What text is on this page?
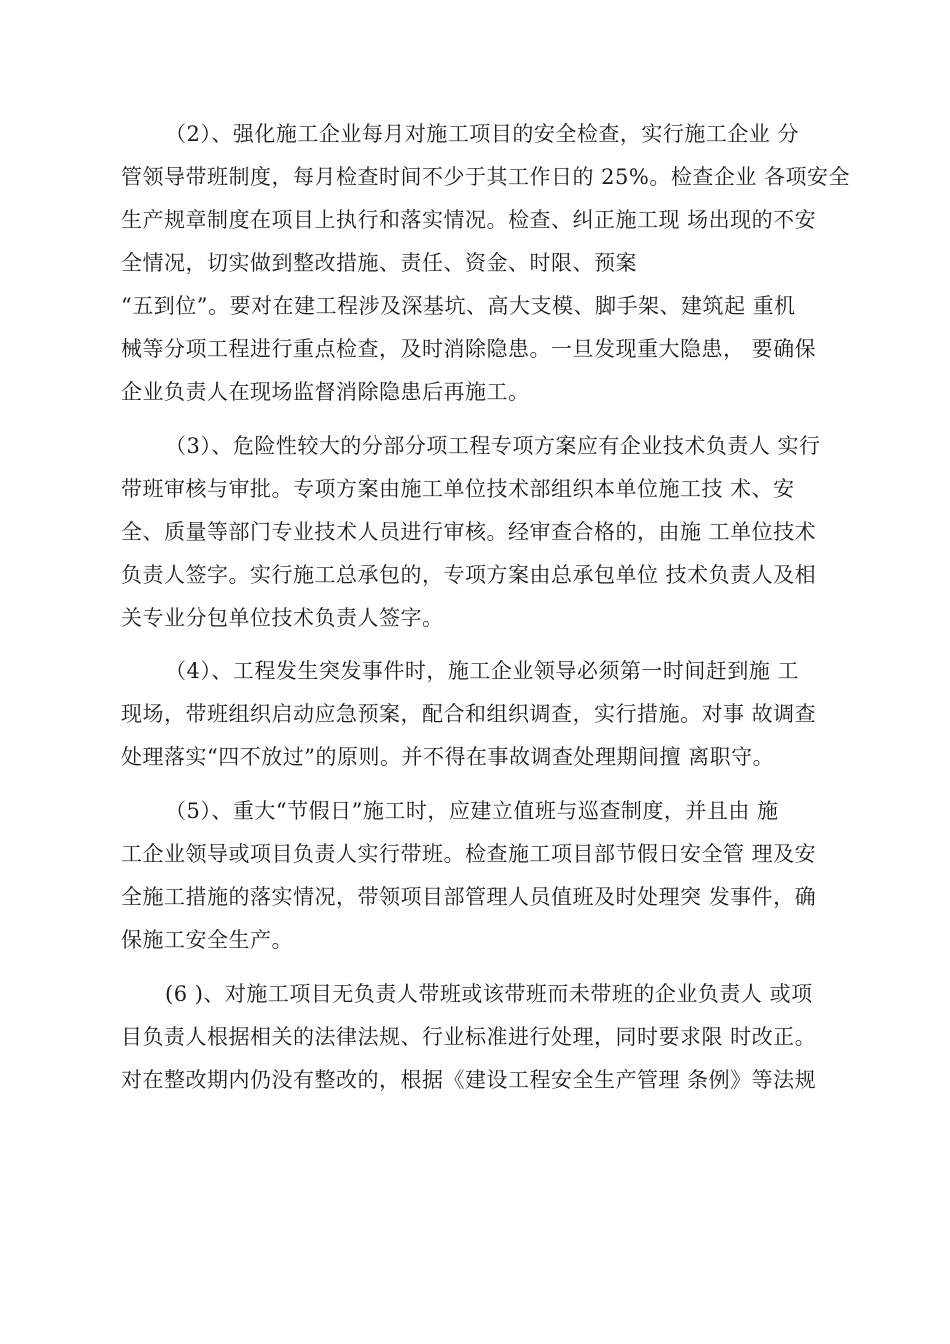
（2）、强化施工企业每月对施工项目的安全检查，实行施工企业 分
管领导带班制度，每月检查时间不少于其工作日的 25%。检查企业 各项安全
生产规章制度在项目上执行和落实情况。检查、纠正施工现 场出现的不安
全情况，切实做到整改措施、责任、资金、时限、预案
“五到位”。要对在建工程涉及深基坑、高大支模、脚手架、建筑起 重机
械等分项工程进行重点检查，及时消除隐患。一旦发现重大隐患， 要确保
企业负责人在现场监督消除隐患后再施工。
（3）、危险性较大的分部分项工程专项方案应有企业技术负责人 实行
带班审核与审批。专项方案由施工单位技术部组织本单位施工技 术、安
全、质量等部门专业技术人员进行审核。经审查合格的，由施 工单位技术
负责人签字。实行施工总承包的，专项方案由总承包单位 技术负责人及相
关专业分包单位技术负责人签字。
（4）、工程发生突发事件时，施工企业领导必须第一时间赶到施 工
现场，带班组织启动应急预案，配合和组织调查，实行措施。对事 故调查
处理落实“四不放过”的原则。并不得在事故调查处理期间擅 离职守。
（5）、重大“节假日”施工时，应建立值班与巡查制度，并且由 施
工企业领导或项目负责人实行带班。检查施工项目部节假日安全管 理及安
全施工措施的落实情况，带领项目部管理人员值班及时处理突 发事件，确
保施工安全生产。
(6 )、对施工项目无负责人带班或该带班而未带班的企业负责人 或项
目负责人根据相关的法律法规、行业标准进行处理，同时要求限 时改正。
对在整改期内仍没有整改的，根据《建设工程安全生产管理 条例》等法规
